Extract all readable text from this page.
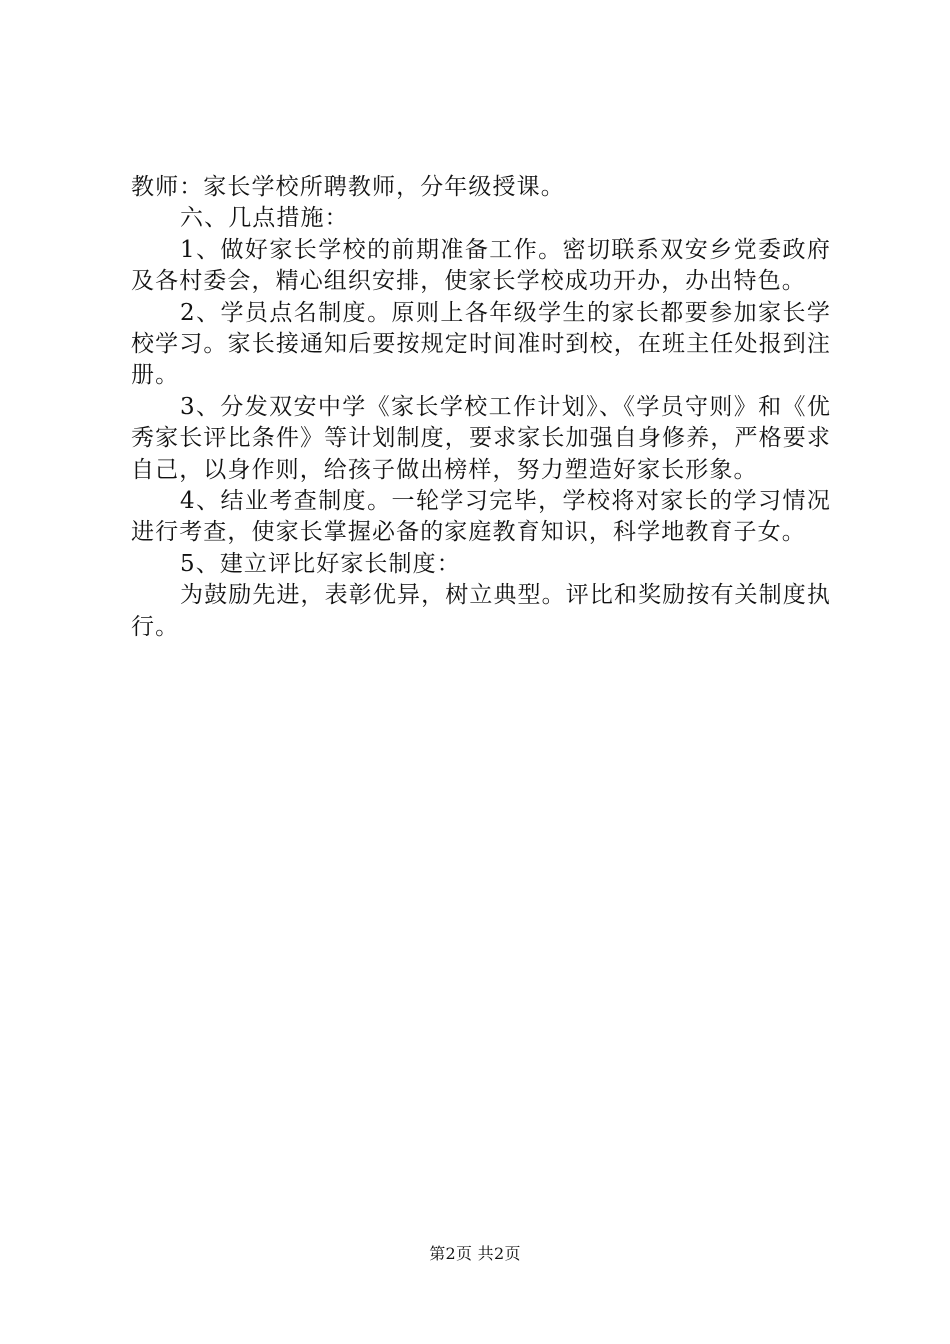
教师：家长学校所聘教师，分年级授课。

六、几点措施：

1、做好家长学校的前期准备工作。密切联系双安乡党委政府及各村委会，精心组织安排，使家长学校成功开办，办出特色。

2、学员点名制度。原则上各年级学生的家长都要参加家长学校学习。家长接通知后要按规定时间准时到校，在班主任处报到注册。

3、分发双安中学《家长学校工作计划》、《学员守则》和《优秀家长评比条件》等计划制度，要求家长加强自身修养，严格要求自己，以身作则，给孩子做出榜样，努力塑造好家长形象。

4、结业考查制度。一轮学习完毕，学校将对家长的学习情况进行考查，使家长掌握必备的家庭教育知识，科学地教育子女。

5、建立评比好家长制度：

为鼓励先进，表彰优异，树立典型。评比和奖励按有关制度执行。

第2页 共2页
